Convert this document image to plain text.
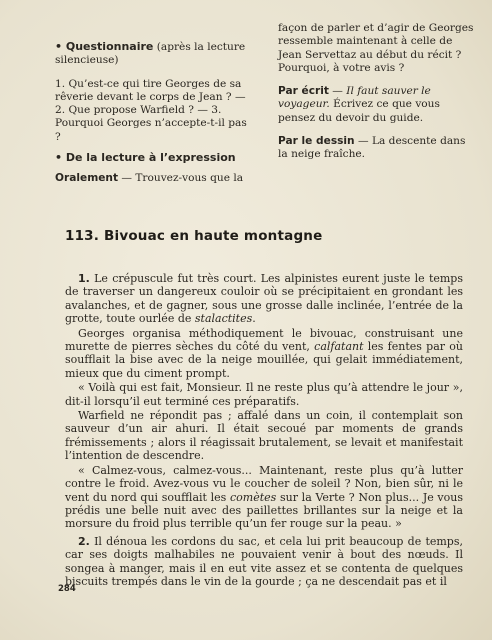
• Questionnaire (après la lecture silencieuse)
1. Qu’est-ce qui tire Georges de sa rêverie devant le corps de Jean ? — 2. Que propose Warfield ? — 3. Pourquoi Georges n’accepte-t-il pas ?
• De la lecture à l’expression
Oralement — Trouvez-vous que la
façon de parler et d’agir de Georges ressemble maintenant à celle de Jean Servettaz au début du récit ? Pourquoi, à votre avis ?
Par écrit — Il faut sauver le voyageur. Écrivez ce que vous pensez du devoir du guide.
Par le dessin — La descente dans la neige fraîche.
113. Bivouac en haute montagne

1. Le crépuscule fut très court. Les alpinistes eurent juste le temps de traverser un dangereux couloir où se précipitaient en grondant les avalanches, et de gagner, sous une grosse dalle inclinée, l’entrée de la grotte, toute ourlée de stalactites.

Georges organisa méthodiquement le bivouac, construisant une murette de pierres sèches du côté du vent, calfatant les fentes par où soufflait la bise avec de la neige mouillée, qui gelait immédiatement, mieux que du ciment prompt.

« Voilà qui est fait, Monsieur. Il ne reste plus qu’à attendre le jour », dit-il lorsqu’il eut terminé ces préparatifs.

Warfield ne répondit pas ; affalé dans un coin, il contemplait son sauveur d’un air ahuri. Il était secoué par moments de grands frémissements ; alors il réagissait brutalement, se levait et manifestait l’intention de descendre.

« Calmez-vous, calmez-vous... Maintenant, reste plus qu’à lutter contre le froid. Avez-vous vu le coucher de soleil ? Non, bien sûr, ni le vent du nord qui soufflait les comètes sur la Verte ? Non plus... Je vous prédis une belle nuit avec des paillettes brillantes sur la neige et la morsure du froid plus terrible qu’un fer rouge sur la peau. »

2. Il dénoua les cordons du sac, et cela lui prit beaucoup de temps, car ses doigts malhabiles ne pouvaient venir à bout des nœuds. Il songea à manger, mais il en eut vite assez et se contenta de quelques biscuits trempés dans le vin de la gourde ; ça ne descendait pas et il

284
